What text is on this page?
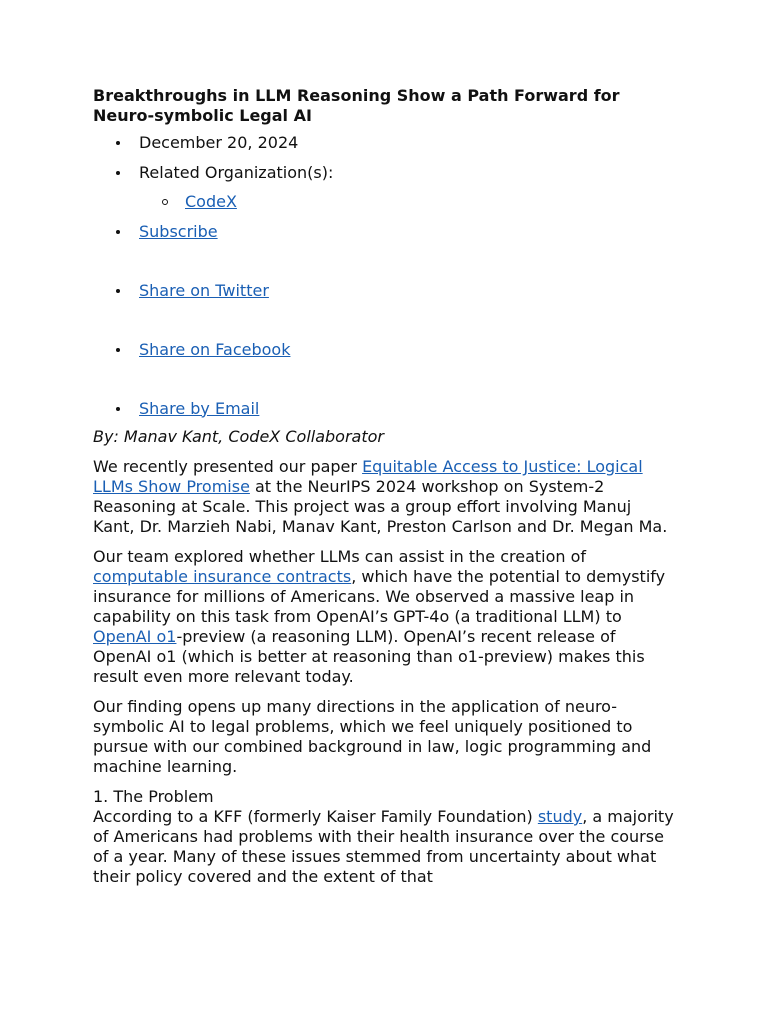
Breakthroughs in LLM Reasoning Show a Path Forward for Neuro-symbolic Legal AI
December 20, 2024
Related Organization(s):
CodeX
Subscribe
Share on Twitter
Share on Facebook
Share by Email
By: Manav Kant, CodeX Collaborator

We recently presented our paper Equitable Access to Justice: Logical LLMs Show Promise at the NeurIPS 2024 workshop on System-2 Reasoning at Scale. This project was a group effort involving Manuj Kant, Dr. Marzieh Nabi, Manav Kant, Preston Carlson and Dr. Megan Ma.

Our team explored whether LLMs can assist in the creation of computable insurance contracts, which have the potential to demystify insurance for millions of Americans. We observed a massive leap in capability on this task from OpenAI’s GPT-4o (a traditional LLM) to OpenAI o1-preview (a reasoning LLM). OpenAI’s recent release of OpenAI o1 (which is better at reasoning than o1-preview) makes this result even more relevant today.

Our finding opens up many directions in the application of neuro-symbolic AI to legal problems, which we feel uniquely positioned to pursue with our combined background in law, logic programming and machine learning.

1. The Problem

According to a KFF (formerly Kaiser Family Foundation) study, a majority of Americans had problems with their health insurance over the course of a year. Many of these issues stemmed from uncertainty about what their policy covered and the extent of that
